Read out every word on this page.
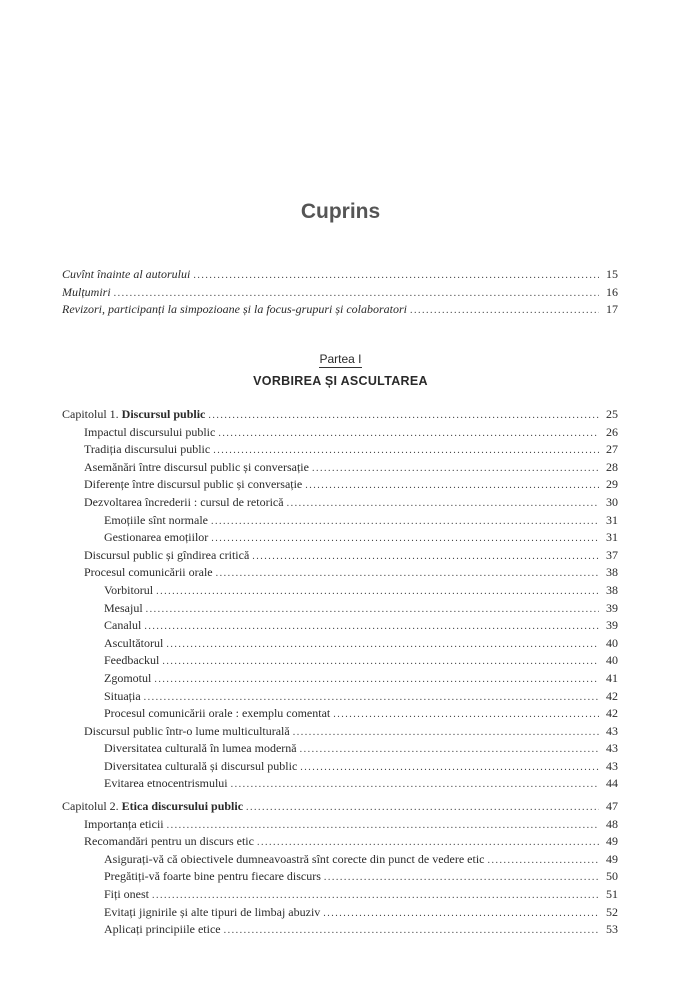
Cuprins
Cuvînt înainte al autorului .....	15
Mulțumiri .....	16
Revizori, participanți la simpozioane și la focus-grupuri și colaboratori .....	17
Partea I
VORBIREA ȘI ASCULTAREA
Capitolul 1. Discursul public .....	25
Impactul discursului public .....	26
Tradiția discursului public .....	27
Asemănări între discursul public și conversație .....	28
Diferențe între discursul public și conversație .....	29
Dezvoltarea încrederii : cursul de retorică .....	30
Emoțiile sînt normale .....	31
Gestionarea emoțiilor .....	31
Discursul public și gîndirea critică .....	37
Procesul comunicării orale .....	38
Vorbitorul .....	38
Mesajul .....	39
Canalul .....	39
Ascultătorul .....	40
Feedbackul .....	40
Zgomotul .....	41
Situația .....	42
Procesul comunicării orale : exemplu comentat .....	42
Discursul public într-o lume multiculturală .....	43
Diversitatea culturală în lumea modernă .....	43
Diversitatea culturală și discursul public .....	43
Evitarea etnocentrismului .....	44
Capitolul 2. Etica discursului public .....	47
Importanța eticii .....	48
Recomandări pentru un discurs etic .....	49
Asigurați-vă că obiectivele dumneavoastră sînt corecte din punct de vedere etic .....	49
Pregătiți-vă foarte bine pentru fiecare discurs .....	50
Fiți onest .....	51
Evitați jignirile și alte tipuri de limbaj abuziv .....	52
Aplicați principiile etice .....	53
